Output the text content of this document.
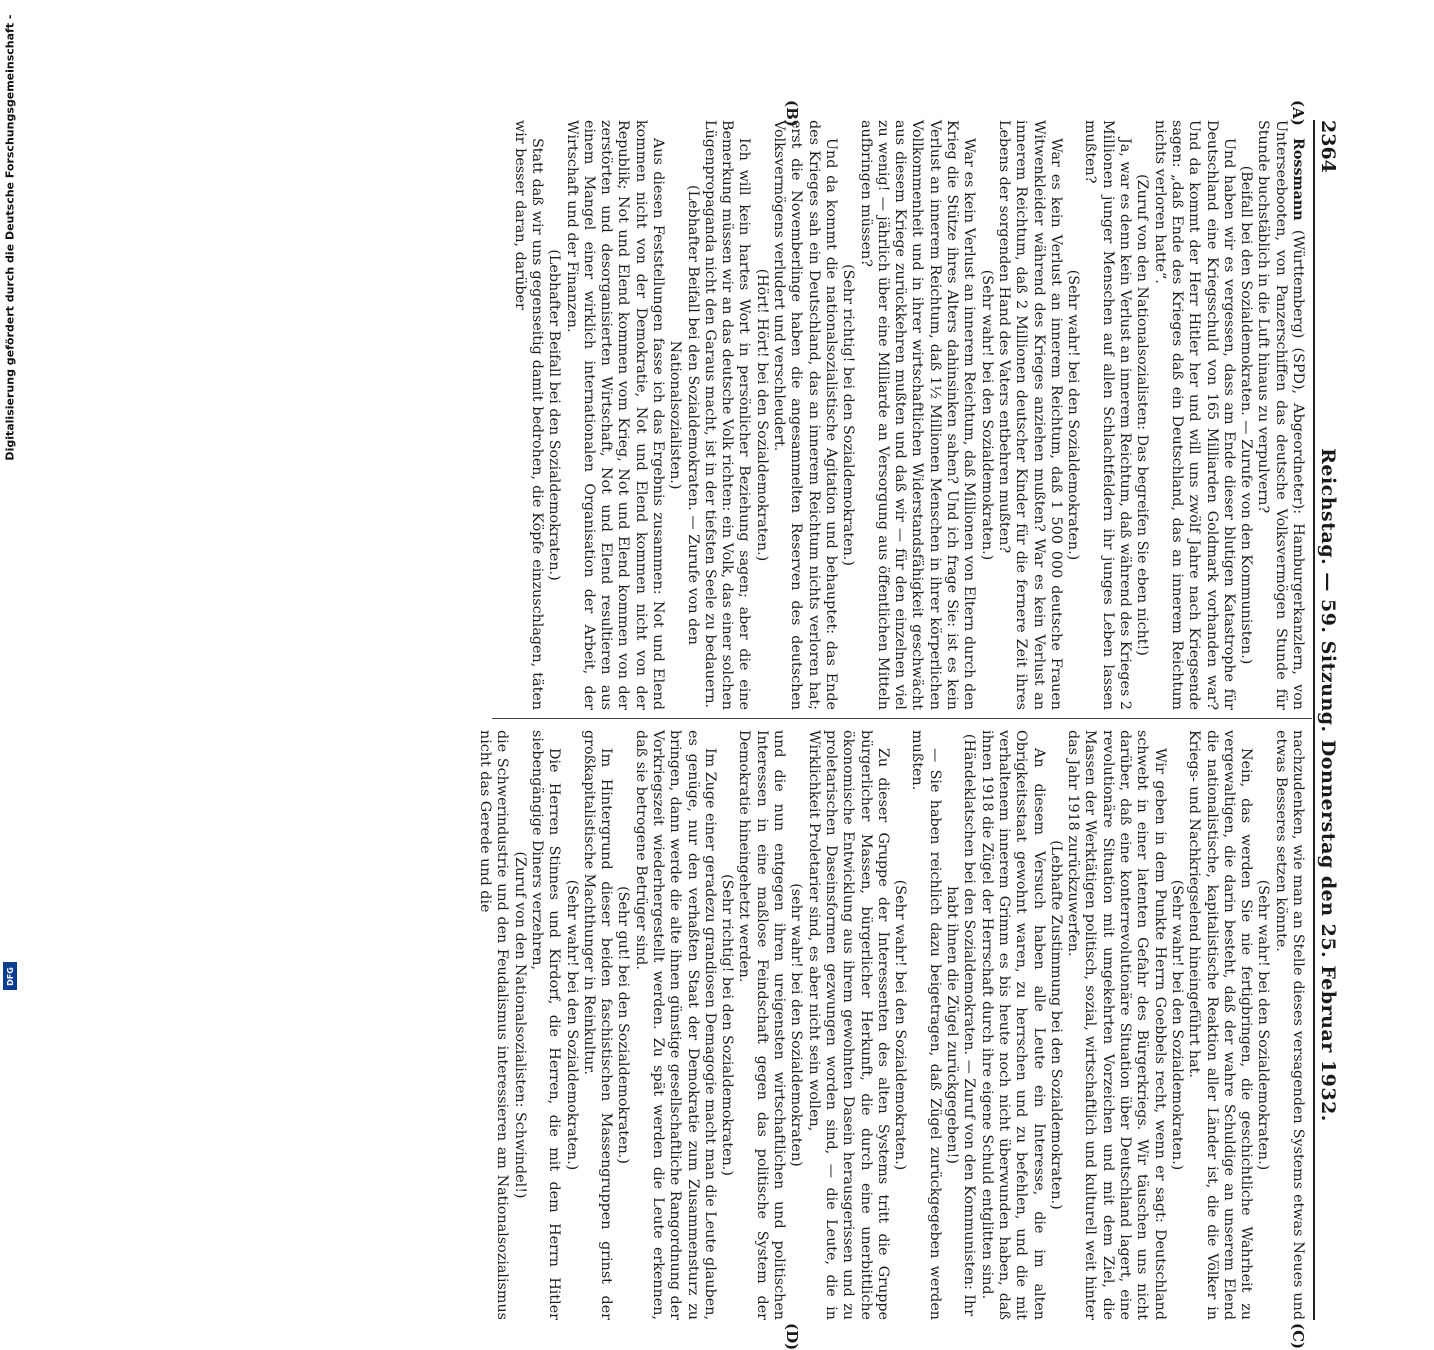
2364
Reichstag. — 59. Sitzung. Donnerstag den 25. Februar 1932.
(A)
(B)
(C)
(D)

Rossmann (Württemberg) (SPD), Abgeordneter): Hamburgerkanzlern, von Unterseebooten, von Panzerschiffen das deutsche Volksvermögen Stunde für Stunde buchstäblich in die Luft hinaus zu verpulvern?

(Beifall bei den Sozialdemokraten. — Zurufe von den Kommunisten.)

Und haben wir es vergessen, dass am Ende dieser blutigen Katastrophe für Deutschland eine Kriegsschuld von 165 Milliarden Goldmark vorhanden war? Und da kommt der Herr Hitler her und will uns zwölf Jahre nach Kriegsende sagen: „daß Ende des Krieges daß ein Deutschland, das an innerem Reichtum nichts verloren hatte“.

(Zuruf von den Nationalsozialisten: Das begreifen Sie eben nicht!)

Ja, war es denn kein Verlust an innerem Reichtum, daß während des Krieges 2 Millionen junger Menschen auf allen Schlachtfeldern ihr junges Leben lassen mußten?

(Sehr wahr! bei den Sozialdemokraten.)

War es kein Verlust an innerem Reichtum, daß 1 500 000 deutsche Frauen Witwenkleider während des Krieges anziehen mußten? War es kein Verlust an innerem Reichtum, daß 2 Millionen deutscher Kinder für die fernere Zeit ihres Lebens der sorgenden Hand des Vaters entbehren mußten?

(Sehr wahr! bei den Sozialdemokraten.)

War es kein Verlust an innerem Reichtum, daß Millionen von Eltern durch den Krieg die Stütze ihres Alters dahinsinken sahen? Und ich frage Sie: ist es kein Verlust an innerem Reichtum, daß 1½ Millionen Menschen in ihrer körperlichen Vollkommenheit und in ihrer wirtschaftlichen Widerstandsfähigkeit geschwächt aus diesem Kriege zurückkehren mußten und daß wir — für den einzelnen viel zu wenig! — jährlich über eine Milliarde an Versorgung aus öffentlichen Mitteln aufbringen müssen?

(Sehr richtig! bei den Sozialdemokraten.)

Und da kommt die nationalsozialistische Agitation und behauptet: das Ende des Krieges sah ein Deutschland, das an innerem Reichtum nichts verloren hat; erst die Novemberlinge haben die angesammelten Reserven des deutschen Volksvermögens verludert und verschleudert.

(Hört! Hört! bei den Sozialdemokraten.)

Ich will kein hartes Wort in persönlicher Beziehung sagen; aber die eine Bemerkung müssen wir an das deutsche Volk richten: ein Volk, das einer solchen Lügenpropaganda nicht den Garaus macht, ist in der tiefsten Seele zu bedauern.

(Lebhafter Beifall bei den Sozialdemokraten. — Zurufe von den Nationalsozialisten.)

Aus diesen Feststellungen fasse ich das Ergebnis zusammen: Not und Elend kommen nicht von der Demokratie, Not und Elend kommen nicht von der Republik; Not und Elend kommen vom Krieg, Not und Elend kommen von der zerstörten und desorganisierten Wirtschaft, Not und Elend resultieren aus einem Mangel einer wirklich internationalen Organisation der Arbeit, der Wirtschaft und der Finanzen.

(Lebhafter Beifall bei den Sozialdemokraten.)

Statt daß wir uns gegenseitig damit bedrohen, die Köpfe einzuschlagen, täten wir besser daran, darüber

nachzudenken, wie man an Stelle dieses versagenden Systems etwas Neues und etwas Besseres setzen könnte.

(Sehr wahr! bei den Sozialdemokraten.)

Nein, das werden Sie nie fertigbringen, die geschichtliche Wahrheit zu vergewaltigen, die darin besteht, daß der wahre Schuldige an unserem Elend die nationalistische, kapitalistische Reaktion aller Länder ist, die die Völker in Kriegs- und Nachkriegselend hineingeführt hat.

(Sehr wahr! bei den Sozialdemokraten.)

Wir geben in dem Punkte Herrn Goebbels recht, wenn er sagt: Deutschland schwebt in einer latenten Gefahr des Bürgerkriegs. Wir täuschen uns nicht darüber, daß eine konterrevolutionäre Situation über Deutschland lagert, eine revolutionäre Situation mit umgekehrten Vorzeichen und mit dem Ziel, die Massen der Werktätigen politisch, sozial, wirtschaftlich und kulturell weit hinter das Jahr 1918 zurückzuwerfen.

(Lebhafte Zustimmung bei den Sozialdemokraten.)

An diesem Versuch haben alle Leute ein Interesse, die im alten Obrigkeitsstaat gewohnt waren, zu herrschen und zu befehlen, und die mit verhaltenem innerem Grimm es bis heute noch nicht überwunden haben, daß ihnen 1918 die Zügel der Herrschaft durch ihre eigene Schuld entglitten sind.

(Händeklatschen bei den Sozialdemokraten. — Zuruf von den Kommunisten: Ihr habt ihnen die Zügel zurückgegeben!)

— Sie haben reichlich dazu beigetragen, daß Zügel zurückgegeben werden mußten.

(Sehr wahr! bei den Sozialdemokraten.)

Zu dieser Gruppe der Interessenten des alten Systems tritt die Gruppe bürgerlicher Massen, bürgerlicher Herkunft, die durch eine unerbittliche ökonomische Entwicklung aus ihrem gewohnten Dasein herausgerissen und zu proletarischen Daseinsformen gezwungen worden sind, — die Leute, die in Wirklichkeit Proletarier sind, es aber nicht sein wollen,

(sehr wahr! bei den Sozialdemokraten)

und die nun entgegen ihren ureigensten wirtschaftlichen und politischen Interessen in eine maßlose Feindschaft gegen das politische System der Demokratie hineingehetzt werden.

(Sehr richtig! bei den Sozialdemokraten.)

Im Zuge einer geradezu grandiosen Demagogie macht man die Leute glauben, es genüge, nur den verhaßten Staat der Demokratie zum Zusammensturz zu bringen, dann werde die alte ihnen günstige gesellschaftliche Rangordnung der Vorkriegszeit wiederhergestellt werden. Zu spät werden die Leute erkennen, daß sie betrogene Betrüger sind.

(Sehr gut! bei den Sozialdemokraten.)

Im Hintergrund dieser beiden faschistischen Massengruppen grinst der großkapitalistische Machthunger in Reinkultur.

(Sehr wahr! bei den Sozialdemokraten.)

Die Herren Stinnes und Kirdorf, die Herren, die mit dem Herrn Hitler siebengängige Diners verzehren,

(Zuruf von den Nationalsozialisten: Schwindel!)

die Schwerindustrie und den Feudalismus interessieren am Nationalsozialismus nicht das Gerede und die

Digitalisierung gefördert durch die Deutsche Forschungsgemeinschaft -
DFG
